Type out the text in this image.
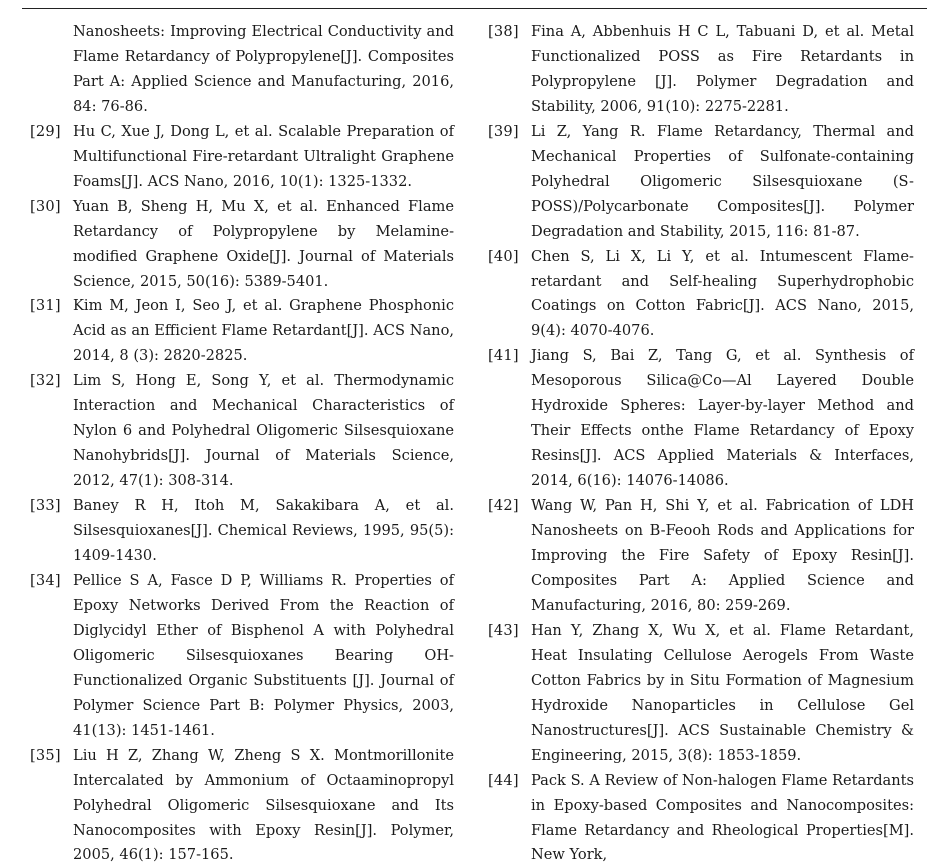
Nanosheets: Improving Electrical Conductivity and Flame Retardancy of Polypropylene[J]. Composites Part A: Applied Science and Manufacturing, 2016, 84: 76-86.
[29] Hu C, Xue J, Dong L, et al. Scalable Preparation of Multifunctional Fire-retardant Ultralight Graphene Foams[J]. ACS Nano, 2016, 10(1): 1325-1332.
[30] Yuan B, Sheng H, Mu X, et al. Enhanced Flame Retardancy of Polypropylene by Melamine-modified Graphene Oxide[J]. Journal of Materials Science, 2015, 50(16): 5389-5401.
[31] Kim M, Jeon I, Seo J, et al. Graphene Phosphonic Acid as an Efficient Flame Retardant[J]. ACS Nano, 2014, 8 (3): 2820-2825.
[32] Lim S, Hong E, Song Y, et al. Thermodynamic Interaction and Mechanical Characteristics of Nylon 6 and Polyhedral Oligomeric Silsesquioxane Nanohybrids[J]. Journal of Materials Science, 2012, 47(1): 308-314.
[33] Baney R H, Itoh M, Sakakibara A, et al. Silsesquioxanes[J]. Chemical Reviews, 1995, 95(5): 1409-1430.
[34] Pellice S A, Fasce D P, Williams R. Properties of Epoxy Networks Derived From the Reaction of Diglycidyl Ether of Bisphenol A with Polyhedral Oligomeric Silsesquioxanes Bearing OH-Functionalized Organic Substituents [J]. Journal of Polymer Science Part B: Polymer Physics, 2003, 41(13): 1451-1461.
[35] Liu H Z, Zhang W, Zheng S X. Montmorillonite Intercalated by Ammonium of Octaaminopropyl Polyhedral Oligomeric Silsesquioxane and Its Nanocomposites with Epoxy Resin[J]. Polymer, 2005, 46(1): 157-165.
[38] Fina A, Abbenhuis H C L, Tabuani D, et al. Metal Functionalized POSS as Fire Retardants in Polypropylene [J]. Polymer Degradation and Stability, 2006, 91(10): 2275-2281.
[39] Li Z, Yang R. Flame Retardancy, Thermal and Mechanical Properties of Sulfonate-containing Polyhedral Oligomeric Silsesquioxane (S-POSS)/Polycarbonate Composites[J]. Polymer Degradation and Stability, 2015, 116: 81-87.
[40] Chen S, Li X, Li Y, et al. Intumescent Flame-retardant and Self-healing Superhydrophobic Coatings on Cotton Fabric[J]. ACS Nano, 2015, 9(4): 4070-4076.
[41] Jiang S, Bai Z, Tang G, et al. Synthesis of Mesoporous Silica@Co—Al Layered Double Hydroxide Spheres: Layer-by-layer Method and Their Effects onthe Flame Retardancy of Epoxy Resins[J]. ACS Applied Materials & Interfaces, 2014, 6(16): 14076-14086.
[42] Wang W, Pan H, Shi Y, et al. Fabrication of LDH Nanosheets on B-Feooh Rods and Applications for Improving the Fire Safety of Epoxy Resin[J]. Composites Part A: Applied Science and Manufacturing, 2016, 80: 259-269.
[43] Han Y, Zhang X, Wu X, et al. Flame Retardant, Heat Insulating Cellulose Aerogels From Waste Cotton Fabrics by in Situ Formation of Magnesium Hydroxide Nanoparticles in Cellulose Gel Nanostructures[J]. ACS Sustainable Chemistry & Engineering, 2015, 3(8): 1853-1859.
[44] Pack S. A Review of Non-halogen Flame Retardants in Epoxy-based Composites and Nanocomposites: Flame Retardancy and Rheological Properties[M]. New York,
